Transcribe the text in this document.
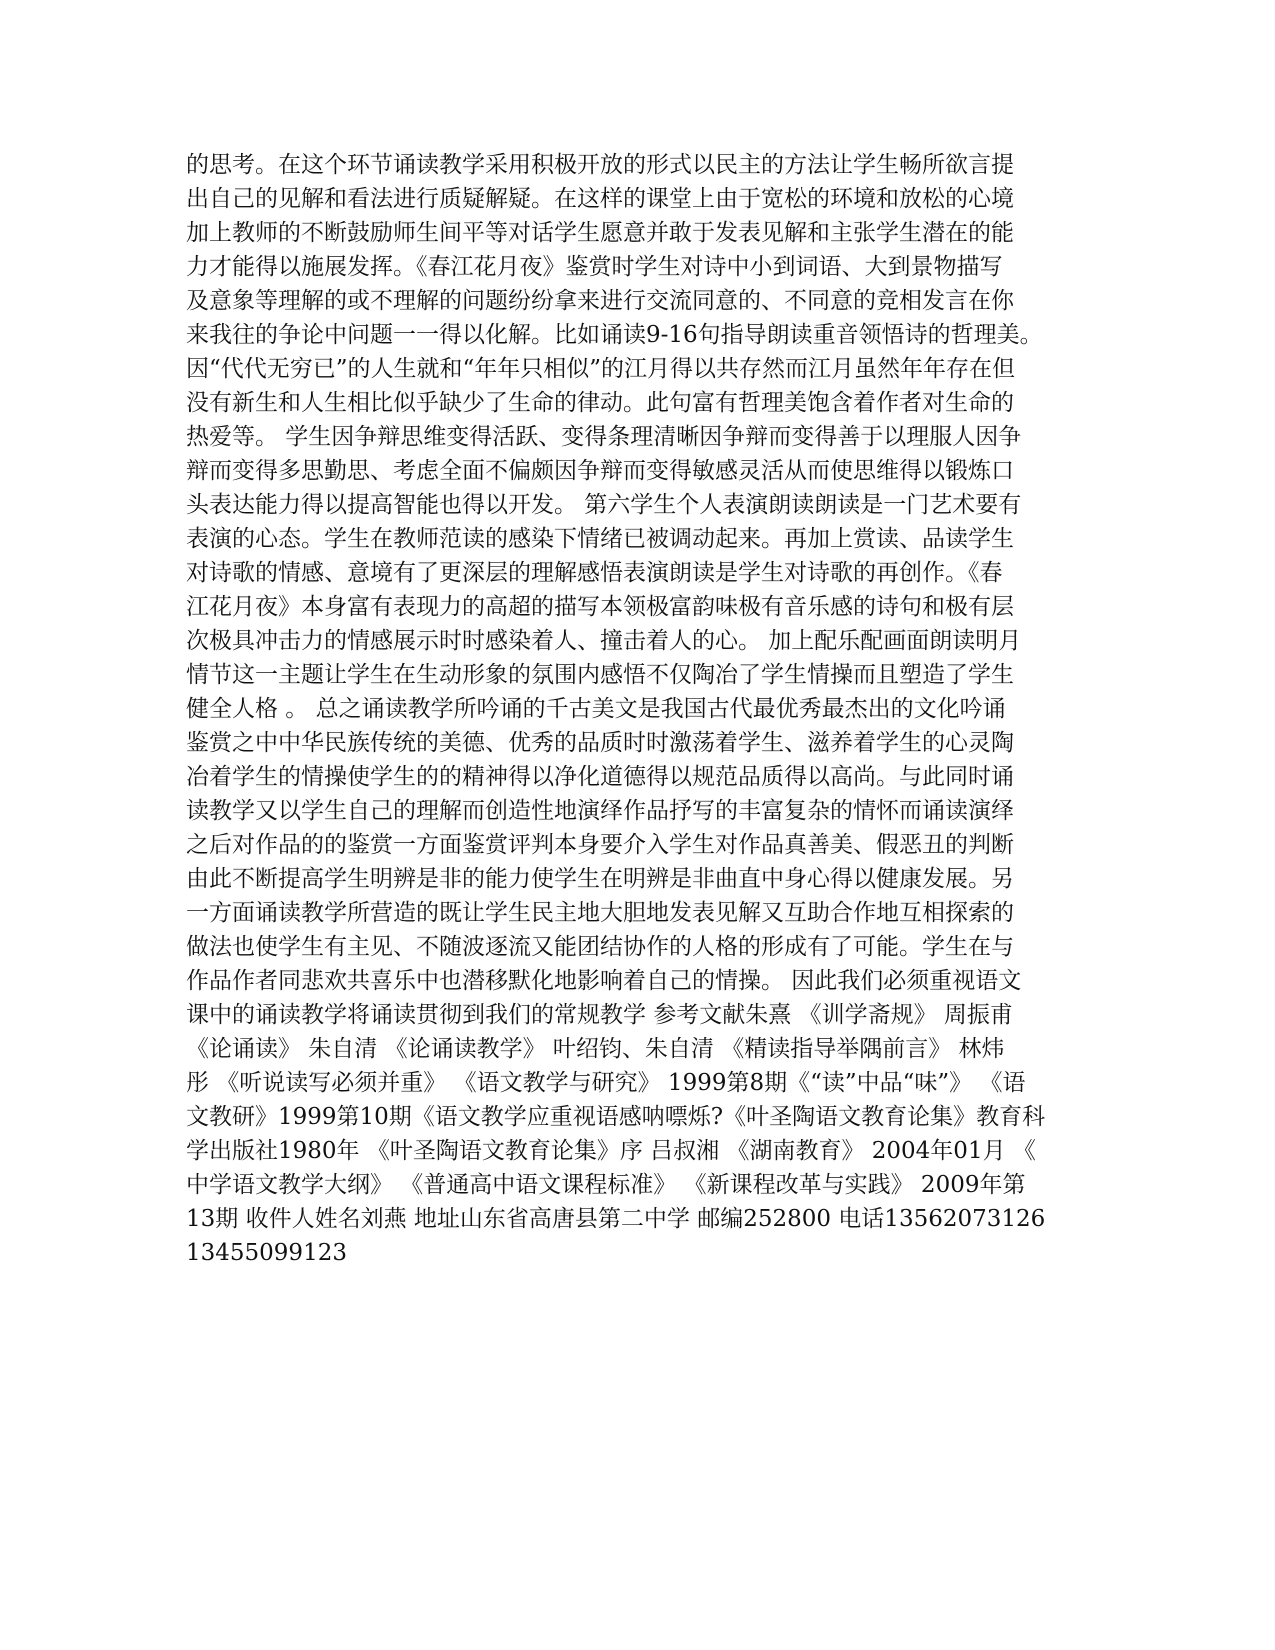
的思考。在这个环节诵读教学采用积极开放的形式以民主的方法让学生畅所欲言提
出自己的见解和看法进行质疑解疑。在这样的课堂上由于宽松的环境和放松的心境
加上教师的不断鼓励师生间平等对话学生愿意并敢于发表见解和主张学生潜在的能
力才能得以施展发挥。《春江花月夜》鉴赏时学生对诗中小到词语、大到景物描写
及意象等理解的或不理解的问题纷纷拿来进行交流同意的、不同意的竞相发言在你
来我往的争论中问题一一得以化解。比如诵读9-16句指导朗读重音领悟诗的哲理美。
因“代代无穷已”的人生就和“年年只相似”的江月得以共存然而江月虽然年年存在但
没有新生和人生相比似乎缺少了生命的律动。此句富有哲理美饱含着作者对生命的
热爱等。 学生因争辩思维变得活跃、变得条理清晰因争辩而变得善于以理服人因争
辩而变得多思勤思、考虑全面不偏颇因争辩而变得敏感灵活从而使思维得以锻炼口
头表达能力得以提高智能也得以开发。 第六学生个人表演朗读朗读是一门艺术要有
表演的心态。学生在教师范读的感染下情绪已被调动起来。再加上赏读、品读学生
对诗歌的情感、意境有了更深层的理解感悟表演朗读是学生对诗歌的再创作。《春
江花月夜》本身富有表现力的高超的描写本领极富韵味极有音乐感的诗句和极有层
次极具冲击力的情感展示时时感染着人、撞击着人的心。 加上配乐配画面朗读明月
情节这一主题让学生在生动形象的氛围内感悟不仅陶冶了学生情操而且塑造了学生
健全人格 。 总之诵读教学所吟诵的千古美文是我国古代最优秀最杰出的文化吟诵
鉴赏之中中华民族传统的美德、优秀的品质时时激荡着学生、滋养着学生的心灵陶
冶着学生的情操使学生的的精神得以净化道德得以规范品质得以高尚。与此同时诵
读教学又以学生自己的理解而创造性地演绎作品抒写的丰富复杂的情怀而诵读演绎
之后对作品的的鉴赏一方面鉴赏评判本身要介入学生对作品真善美、假恶丑的判断
由此不断提高学生明辨是非的能力使学生在明辨是非曲直中身心得以健康发展。另
一方面诵读教学所营造的既让学生民主地大胆地发表见解又互助合作地互相探索的
做法也使学生有主见、不随波逐流又能团结协作的人格的形成有了可能。学生在与
作品作者同悲欢共喜乐中也潜移默化地影响着自己的情操。 因此我们必须重视语文
课中的诵读教学将诵读贯彻到我们的常规教学 参考文献朱熹 《训学斋规》 周振甫
《论诵读》 朱自清 《论诵读教学》 叶绍钧、朱自清 《精读指导举隅前言》 林炜
彤 《听说读写必须并重》 《语文教学与研究》 1999第8期《“读”中品“味”》 《语
文教研》1999第10期《语文教学应重视语感呐嘌烁?《叶圣陶语文教育论集》教育科
学出版社1980年 《叶圣陶语文教育论集》序 吕叔湘 《湖南教育》 2004年01月 《
中学语文教学大纲》 《普通高中语文课程标准》 《新课程改革与实践》 2009年第
13期 收件人姓名刘燕 地址山东省高唐县第二中学 邮编252800 电话13562073126
13455099123
